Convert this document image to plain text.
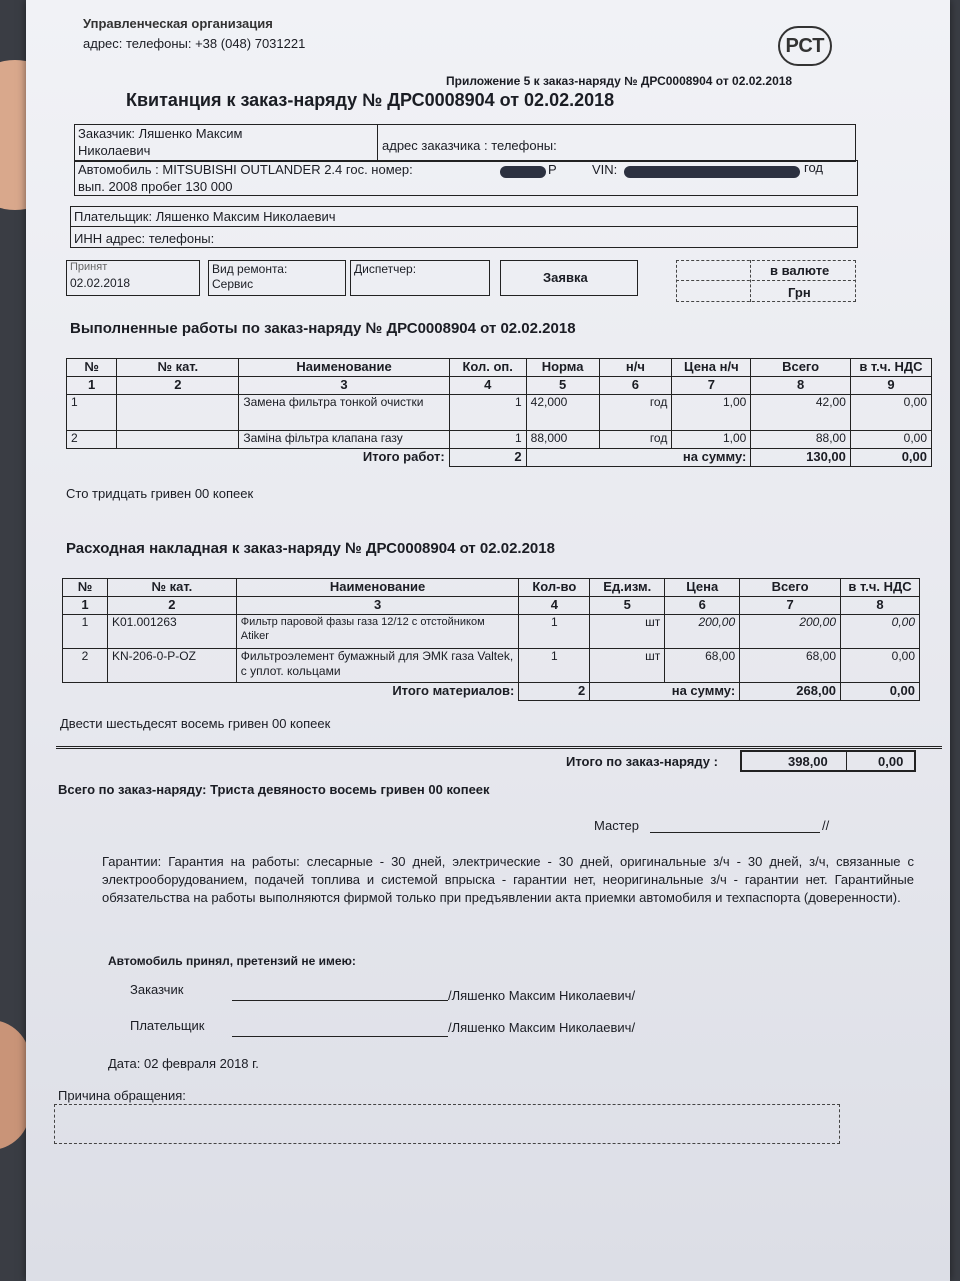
Управленческая организация
адрес: телефоны: +38 (048) 7031221	РСТ
Приложение 5 к заказ-наряду № ДРС0008904 от 02.02.2018
Квитанция к заказ-наряду № ДРС0008904 от 02.02.2018
Заказчик: Ляшенко Максим
Николаевич	адрес заказчика : телефоны:
Автомобиль : MITSUBISHI OUTLANDER 2.4 гос. номер:	P	VIN:	год
вып. 2008 пробег 130 000
Плательщик: Ляшенко Максим Николаевич
ИНН адрес: телефоны:
Принят
02.02.2018
Вид ремонта:
Сервис
Диспетчер:
Заявка	в валюте
Грн
Выполненные работы по заказ-наряду № ДРС0008904 от 02.02.2018
№	№ кат.	Наименование	Кол. оп.	Норма	н/ч	Цена н/ч	Всего	в т.ч. НДС
1	2	3	4	5	6	7	8	9
1		Замена фильтра тонкой очистки	1	42,000	год	1,00	42,00	0,00
2		Заміна фільтра клапана газу	1	88,000	год	1,00	88,00	0,00
Итого работ:			2	на сумму:			130,00	0,00
Сто тридцать гривен 00 копеек
Расходная накладная к заказ-наряду № ДРС0008904 от 02.02.2018
№	№ кат.	Наименование	Кол-во	Ед.изм.	Цена	Всего	в т.ч. НДС
1	2	3	4	5	6	7	8
1	K01.001263	Фильтр паровой фазы газа 12/12 с отстойником Atiker	1	шт	200,00	200,00	0,00
2	KN-206-0-P-OZ	Фильтроэлемент бумажный для ЭМК газа Valtek, с уплот. кольцами	1	шт	68,00	68,00	0,00
Итого материалов:			2	на сумму:		268,00	0,00
Двести шестьдесят восемь гривен 00 копеек
Итого по заказ-наряду :	398,00	0,00
Всего по заказ-наряду: Триста девяносто восемь гривен 00 копеек
Мастер	//
Гарантии: Гарантия на работы: слесарные - 30 дней, электрические - 30 дней, оригинальные з/ч - 30 дней, з/ч, связанные с электрооборудованием, подачей топлива и системой впрыска - гарантии нет, неоригинальные з/ч - гарантии нет. Гарантийные обязательства на работы выполняются фирмой только при предъявлении акта приемки автомобиля и техпаспорта (доверенности).
Автомобиль принял, претензий не имею:
Заказчик	/Ляшенко Максим Николаевич/
Плательщик	/Ляшенко Максим Николаевич/
Дата: 02 февраля 2018 г.
Причина обращения:
